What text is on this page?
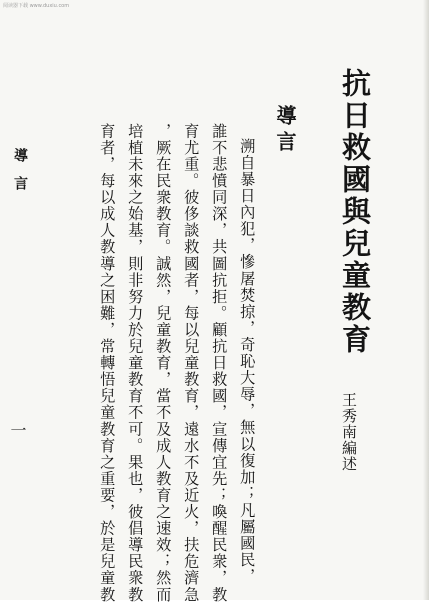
阅读器下载 www.duxiu.com
抗日救國與兒童教育
王秀南編述
導言

溯自暴日內犯，慘屠焚掠，奇恥大辱，無以復加；凡屬國民，

誰不悲憤同深，共圖抗拒。顧抗日救國，宣傳宜先；喚醒民衆，教

育尤重。彼侈談救國者，每以兒童教育，遠水不及近火，扶危濟急

，厥在民衆教育。誠然，兒童教育，當不及成人教育之速效；然而

培植未來之始基，則非努力於兒童教育不可。果也，彼倡導民衆教

育者，每以成人教導之困難，常轉悟兒童教育之重要，於是兒童教

導言
一
